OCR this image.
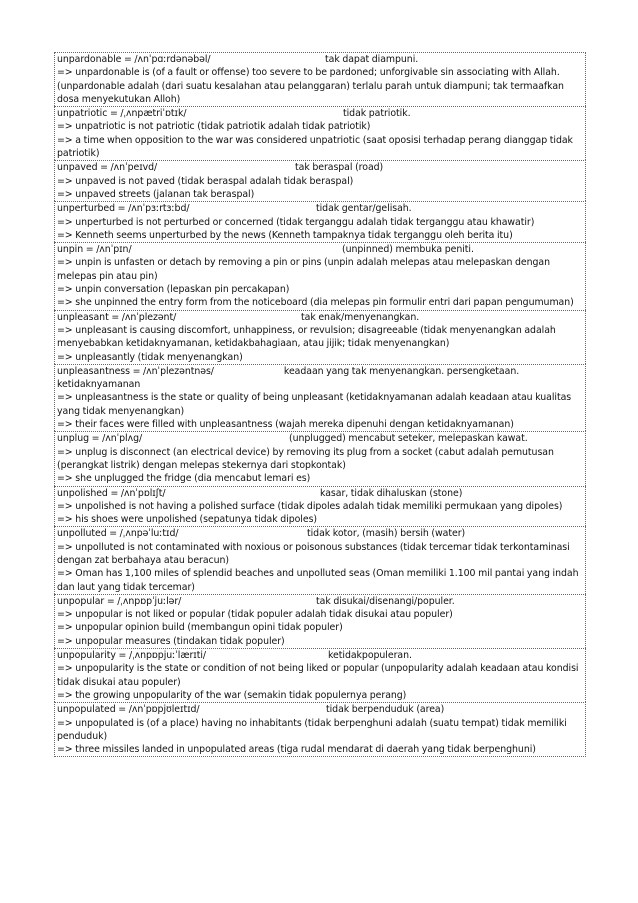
unpardonable = /ʌnˈpɑːrdənəbəl/	tak dapat diampuni.
=> unpardonable is (of a fault or offense) too severe to be pardoned; unforgivable sin associating with Allah. (unpardonable adalah (dari suatu kesalahan atau pelanggaran) terlalu parah untuk diampuni; tak termaafkan dosa menyekutukan Alloh)
unpatriotic = /ˌʌnpætriˈɒtɪk/	tidak patriotik.
=> unpatriotic is not patriotic (tidak patriotik adalah tidak patriotik)
=> a time when opposition to the war was considered unpatriotic (saat oposisi terhadap perang dianggap tidak patriotik)
unpaved = /ʌnˈpeɪvd/	tak beraspal (road)
=> unpaved is not paved (tidak beraspal adalah tidak beraspal)
=> unpaved streets (jalanan tak beraspal)
unperturbed = /ʌnˈpɜːrtɜːbd/	tidak gentar/gelisah.
=> unperturbed is not perturbed or concerned (tidak terganggu adalah tidak terganggu atau khawatir)
=> Kenneth seems unperturbed by the news (Kenneth tampaknya tidak terganggu oleh berita itu)
unpin = /ʌnˈpɪn/	(unpinned) membuka peniti.
=> unpin is unfasten or detach by removing a pin or pins (unpin adalah melepas atau melepaskan dengan melepas pin atau pin)
=> unpin conversation (lepaskan pin percakapan)
=> she unpinned the entry form from the noticeboard (dia melepas pin formulir entri dari papan pengumuman)
unpleasant = /ʌnˈplezənt/	tak enak/menyenangkan.
=> unpleasant is causing discomfort, unhappiness, or revulsion; disagreeable (tidak menyenangkan adalah menyebabkan ketidaknyamanan, ketidakbahagiaan, atau jijik; tidak menyenangkan)
=> unpleasantly (tidak menyenangkan)
unpleasantness = /ʌnˈplezəntnəs/	keadaan yang tak menyenangkan. persengketaan. ketidaknyamanan
=> unpleasantness is the state or quality of being unpleasant (ketidaknyamanan adalah keadaan atau kualitas yang tidak menyenangkan)
=> their faces were filled with unpleasantness (wajah mereka dipenuhi dengan ketidaknyamanan)
unplug = /ʌnˈplʌg/	(unplugged) mencabut seteker, melepaskan kawat.
=> unplug is disconnect (an electrical device) by removing its plug from a socket (cabut adalah pemutusan (perangkat listrik) dengan melepas stekernya dari stopkontak)
=> she unplugged the fridge (dia mencabut lemari es)
unpolished = /ʌnˈpɒlɪʃt/	kasar, tidak dihaluskan (stone)
=> unpolished is not having a polished surface (tidak dipoles adalah tidak memiliki permukaan yang dipoles)
=> his shoes were unpolished (sepatunya tidak dipoles)
unpolluted = /ˌʌnpəˈluːtɪd/	tidak kotor, (masih) bersih (water)
=> unpolluted is not contaminated with noxious or poisonous substances (tidak tercemar tidak terkontaminasi dengan zat berbahaya atau beracun)
=> Oman has 1,100 miles of splendid beaches and unpolluted seas (Oman memiliki 1.100 mil pantai yang indah dan laut yang tidak tercemar)
unpopular = /ˌʌnpɒpˈjuːlər/	tak disukai/disenangi/populer.
=> unpopular is not liked or popular (tidak populer adalah tidak disukai atau populer)
=> unpopular opinion build (membangun opini tidak populer)
=> unpopular measures (tindakan tidak populer)
unpopularity = /ˌʌnpɒpjuːˈlærɪti/	ketidakpopuleran.
=> unpopularity is the state or condition of not being liked or popular (unpopularity adalah keadaan atau kondisi tidak disukai atau populer)
=> the growing unpopularity of the war (semakin tidak populernya perang)
unpopulated = /ʌnˈpɒpjʊleɪtɪd/	tidak berpenduduk (area)
=> unpopulated is (of a place) having no inhabitants (tidak berpenghuni adalah (suatu tempat) tidak memiliki penduduk)
=> three missiles landed in unpopulated areas (tiga rudal mendarat di daerah yang tidak berpenghuni)
